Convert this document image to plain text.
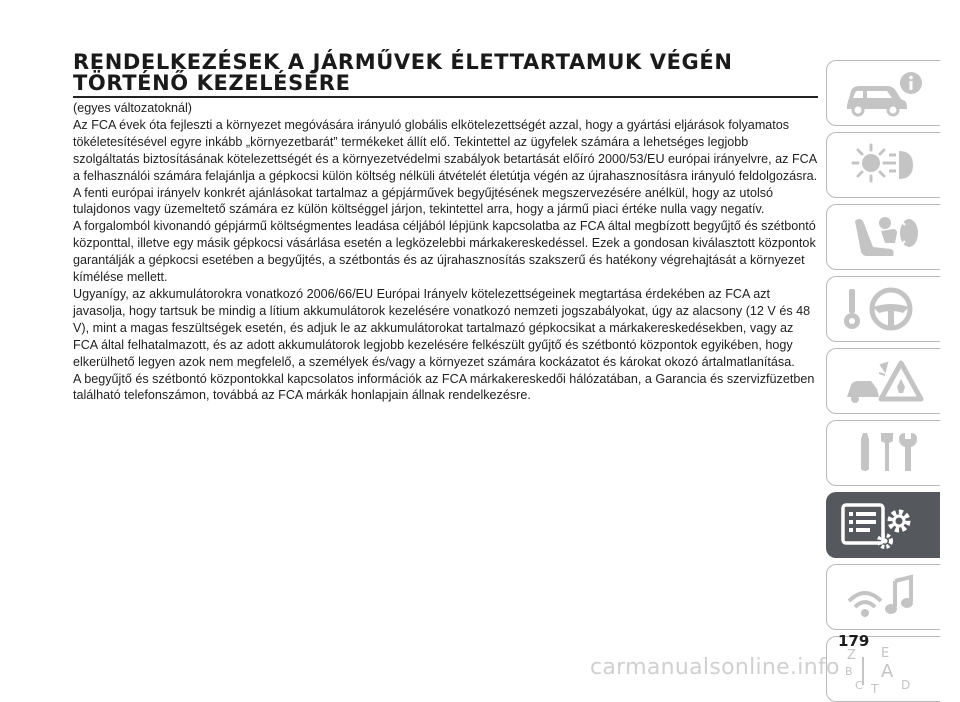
RENDELKEZÉSEK A JÁRMŰVEK ÉLETTARTAMUK VÉGÉN TÖRTÉNŐ KEZELÉSÉRE

(egyes változatoknál)

Az FCA évek óta fejleszti a környezet megóvására irányuló globális elkötelezettségét azzal, hogy a gyártási eljárások folyamatos tökéletesítésével egyre inkább „környezetbarát” termékeket állít elő. Tekintettel az ügyfelek számára a lehetséges legjobb szolgáltatás biztosításának kötelezettségét és a környezetvédelmi szabályok betartását előíró 2000/53/EU európai irányelvre, az FCA a felhasználói számára felajánlja a gépkocsi külön költség nélküli átvételét életútja végén az újrahasznosításra irányuló feldolgozásra. A fenti európai irányelv konkrét ajánlásokat tartalmaz a gépjárművek begyűjtésének megszervezésére anélkül, hogy az utolsó tulajdonos vagy üzemeltető számára ez külön költséggel járjon, tekintettel arra, hogy a jármű piaci értéke nulla vagy negatív.

A forgalomból kivonandó gépjármű költségmentes leadása céljából lépjünk kapcsolatba az FCA által megbízott begyűjtő és szétbontó központtal, illetve egy másik gépkocsi vásárlása esetén a legközelebbi márkakereskedéssel. Ezek a gondosan kiválasztott központok garantálják a gépkocsi esetében a begyűjtés, a szétbontás és az újrahasznosítás szakszerű és hatékony végrehajtását a környezet kímélése mellett.

Ugyanígy, az akkumulátorokra vonatkozó 2006/66/EU Európai Irányelv kötelezettségeinek megtartása érdekében az FCA azt javasolja, hogy tartsuk be mindig a lítium akkumulátorok kezelésére vonatkozó nemzeti jogszabályokat, úgy az alacsony (12 V és 48 V), mint a magas feszültségek esetén, és adjuk le az akkumulátorokat tartalmazó gépkocsikat a márkakereskedésekben, vagy az FCA által felhatalmazott, és az adott akkumulátorok legjobb kezelésére felkészült gyűjtő és szétbontó központok egyikében, hogy elkerülhető legyen azok nem megfelelő, a személyek és/vagy a környezet számára kockázatot és károkat okozó ártalmatlanítása.

A begyűjtő és szétbontó központokkal kapcsolatos információk az FCA márkakereskedői hálózatában, a Garancia és szervizfüzetben található telefonszámon, továbbá az FCA márkák honlapjain állnak rendelkezésre.

Z E
B A
C T D
179
carmanualsonline.info
